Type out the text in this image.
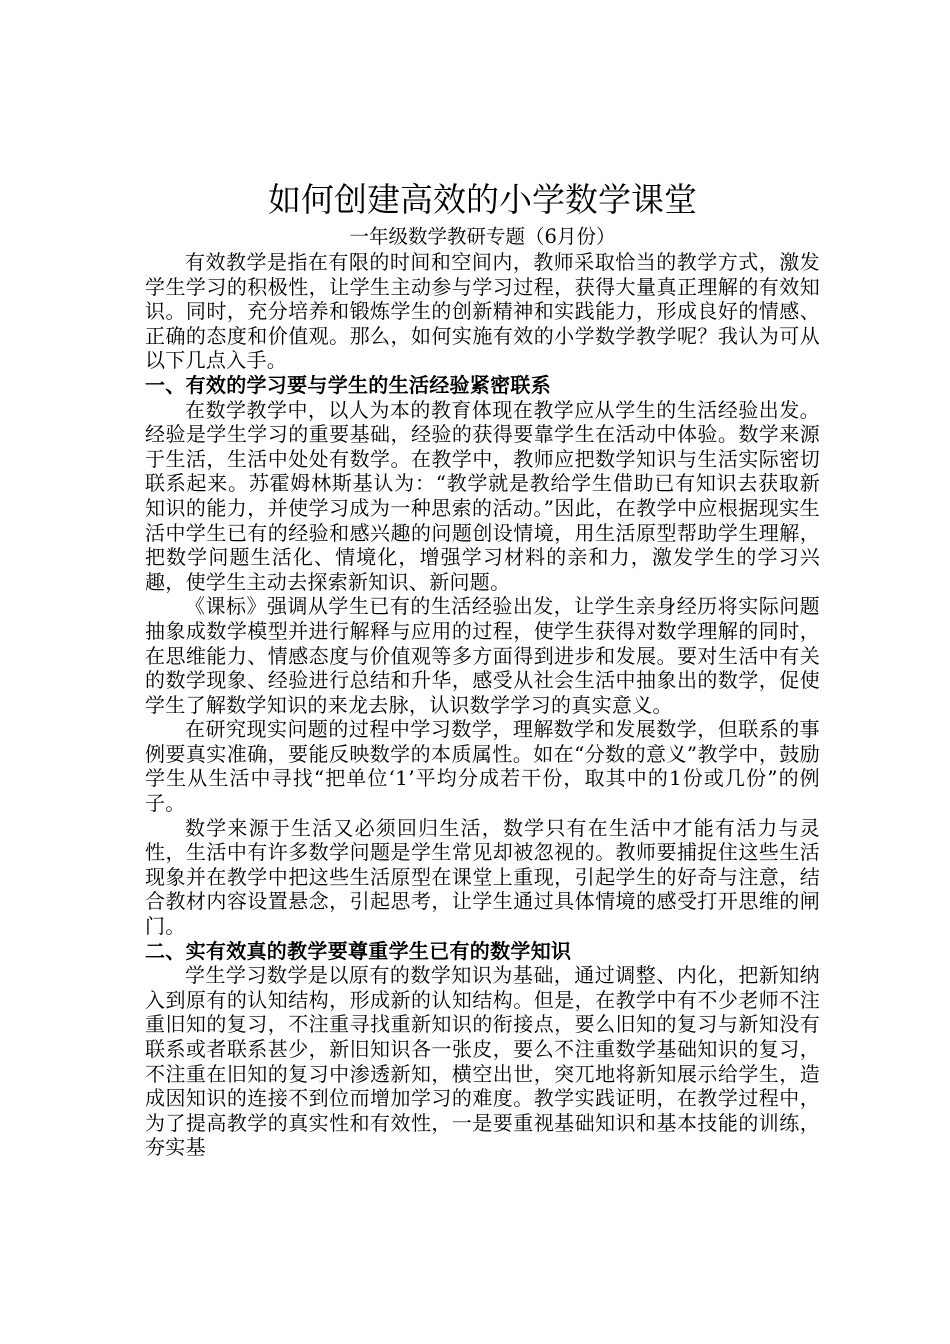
如何创建高效的小学数学课堂
一年级数学教研专题（6月份）

有效教学是指在有限的时间和空间内，教师采取恰当的教学方式，激发学生学习的积极性，让学生主动参与学习过程，获得大量真正理解的有效知识。同时，充分培养和锻炼学生的创新精神和实践能力，形成良好的情感、正确的态度和价值观。那么，如何实施有效的小学数学教学呢？我认为可从以下几点入手。

一、有效的学习要与学生的生活经验紧密联系

在数学教学中，以人为本的教育体现在教学应从学生的生活经验出发。经验是学生学习的重要基础，经验的获得要靠学生在活动中体验。数学来源于生活，生活中处处有数学。在教学中，教师应把数学知识与生活实际密切联系起来。苏霍姆林斯基认为：“教学就是教给学生借助已有知识去获取新知识的能力，并使学习成为一种思索的活动。”因此，在教学中应根据现实生活中学生已有的经验和感兴趣的问题创设情境，用生活原型帮助学生理解，把数学问题生活化、情境化，增强学习材料的亲和力，激发学生的学习兴趣，使学生主动去探索新知识、新问题。

《课标》强调从学生已有的生活经验出发，让学生亲身经历将实际问题抽象成数学模型并进行解释与应用的过程，使学生获得对数学理解的同时，在思维能力、情感态度与价值观等多方面得到进步和发展。要对生活中有关的数学现象、经验进行总结和升华，感受从社会生活中抽象出的数学，促使学生了解数学知识的来龙去脉，认识数学学习的真实意义。

在研究现实问题的过程中学习数学，理解数学和发展数学，但联系的事例要真实准确，要能反映数学的本质属性。如在“分数的意义”教学中，鼓励学生从生活中寻找“把单位‘1’平均分成若干份，取其中的1份或几份”的例子。

数学来源于生活又必须回归生活，数学只有在生活中才能有活力与灵性，生活中有许多数学问题是学生常见却被忽视的。教师要捕捉住这些生活现象并在教学中把这些生活原型在课堂上重现，引起学生的好奇与注意，结合教材内容设置悬念，引起思考，让学生通过具体情境的感受打开思维的闸门。

二、实有效真的教学要尊重学生已有的数学知识

学生学习数学是以原有的数学知识为基础，通过调整、内化，把新知纳入到原有的认知结构，形成新的认知结构。但是，在教学中有不少老师不注重旧知的复习，不注重寻找重新知识的衔接点，要么旧知的复习与新知没有联系或者联系甚少，新旧知识各一张皮，要么不注重数学基础知识的复习，不注重在旧知的复习中渗透新知，横空出世，突兀地将新知展示给学生，造成因知识的连接不到位而增加学习的难度。教学实践证明，在教学过程中，为了提高教学的真实性和有效性，一是要重视基础知识和基本技能的训练，夯实基
